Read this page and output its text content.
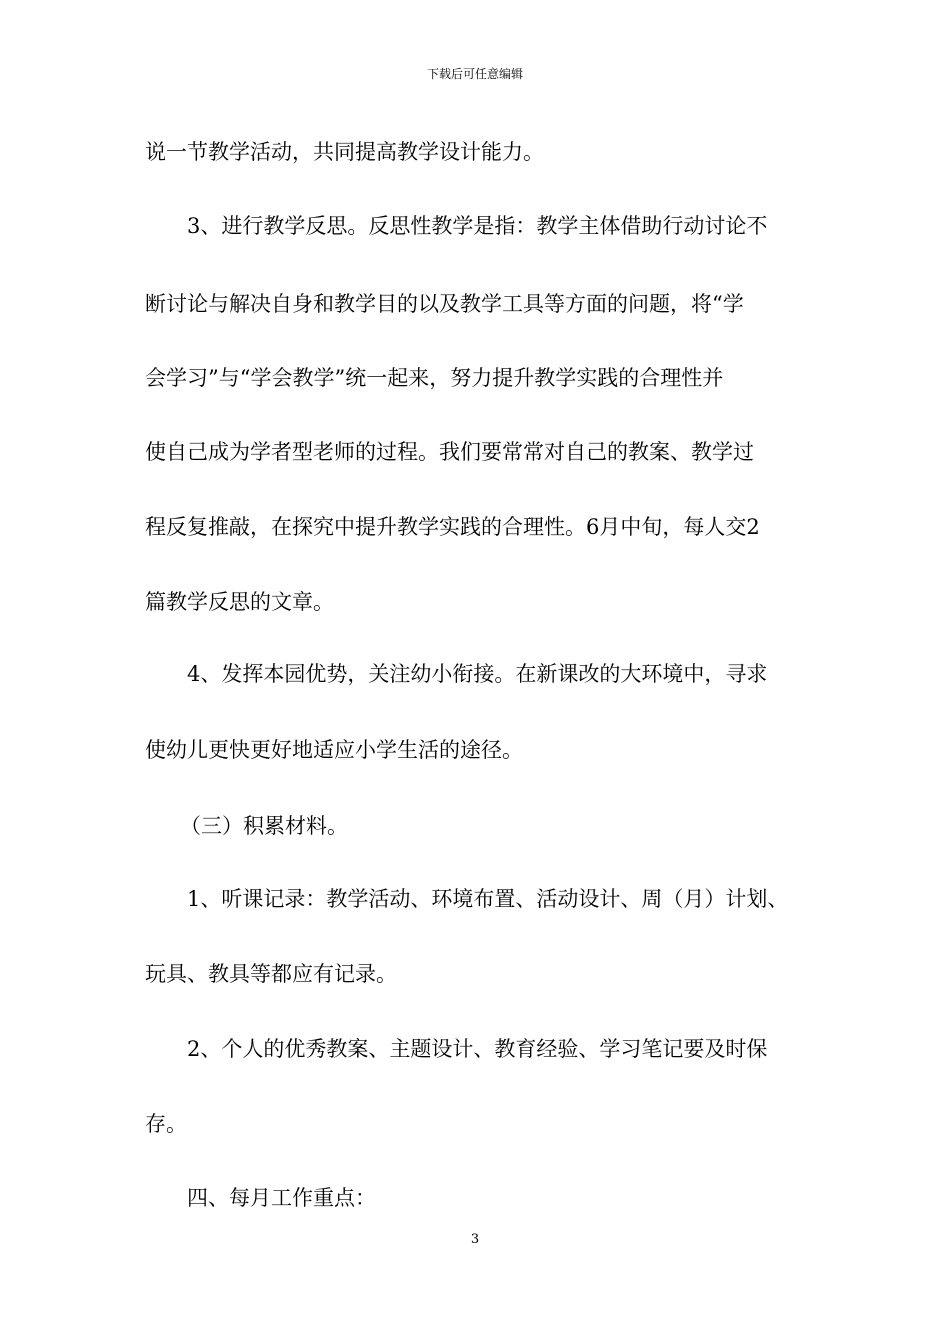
下载后可任意编辑
说一节教学活动，共同提高教学设计能力。
3、进行教学反思。反思性教学是指：教学主体借助行动讨论不
断讨论与解决自身和教学目的以及教学工具等方面的问题，将“学
会学习”与“学会教学”统一起来，努力提升教学实践的合理性并
使自己成为学者型老师的过程。我们要常常对自己的教案、教学过
程反复推敲，在探究中提升教学实践的合理性。6月中旬，每人交2
篇教学反思的文章。
4、发挥本园优势，关注幼小衔接。在新课改的大环境中，寻求
使幼儿更快更好地适应小学生活的途径。
（三）积累材料。
1、听课记录：教学活动、环境布置、活动设计、周（月）计划、
玩具、教具等都应有记录。
2、个人的优秀教案、主题设计、教育经验、学习笔记要及时保
存。
四、每月工作重点：
3
